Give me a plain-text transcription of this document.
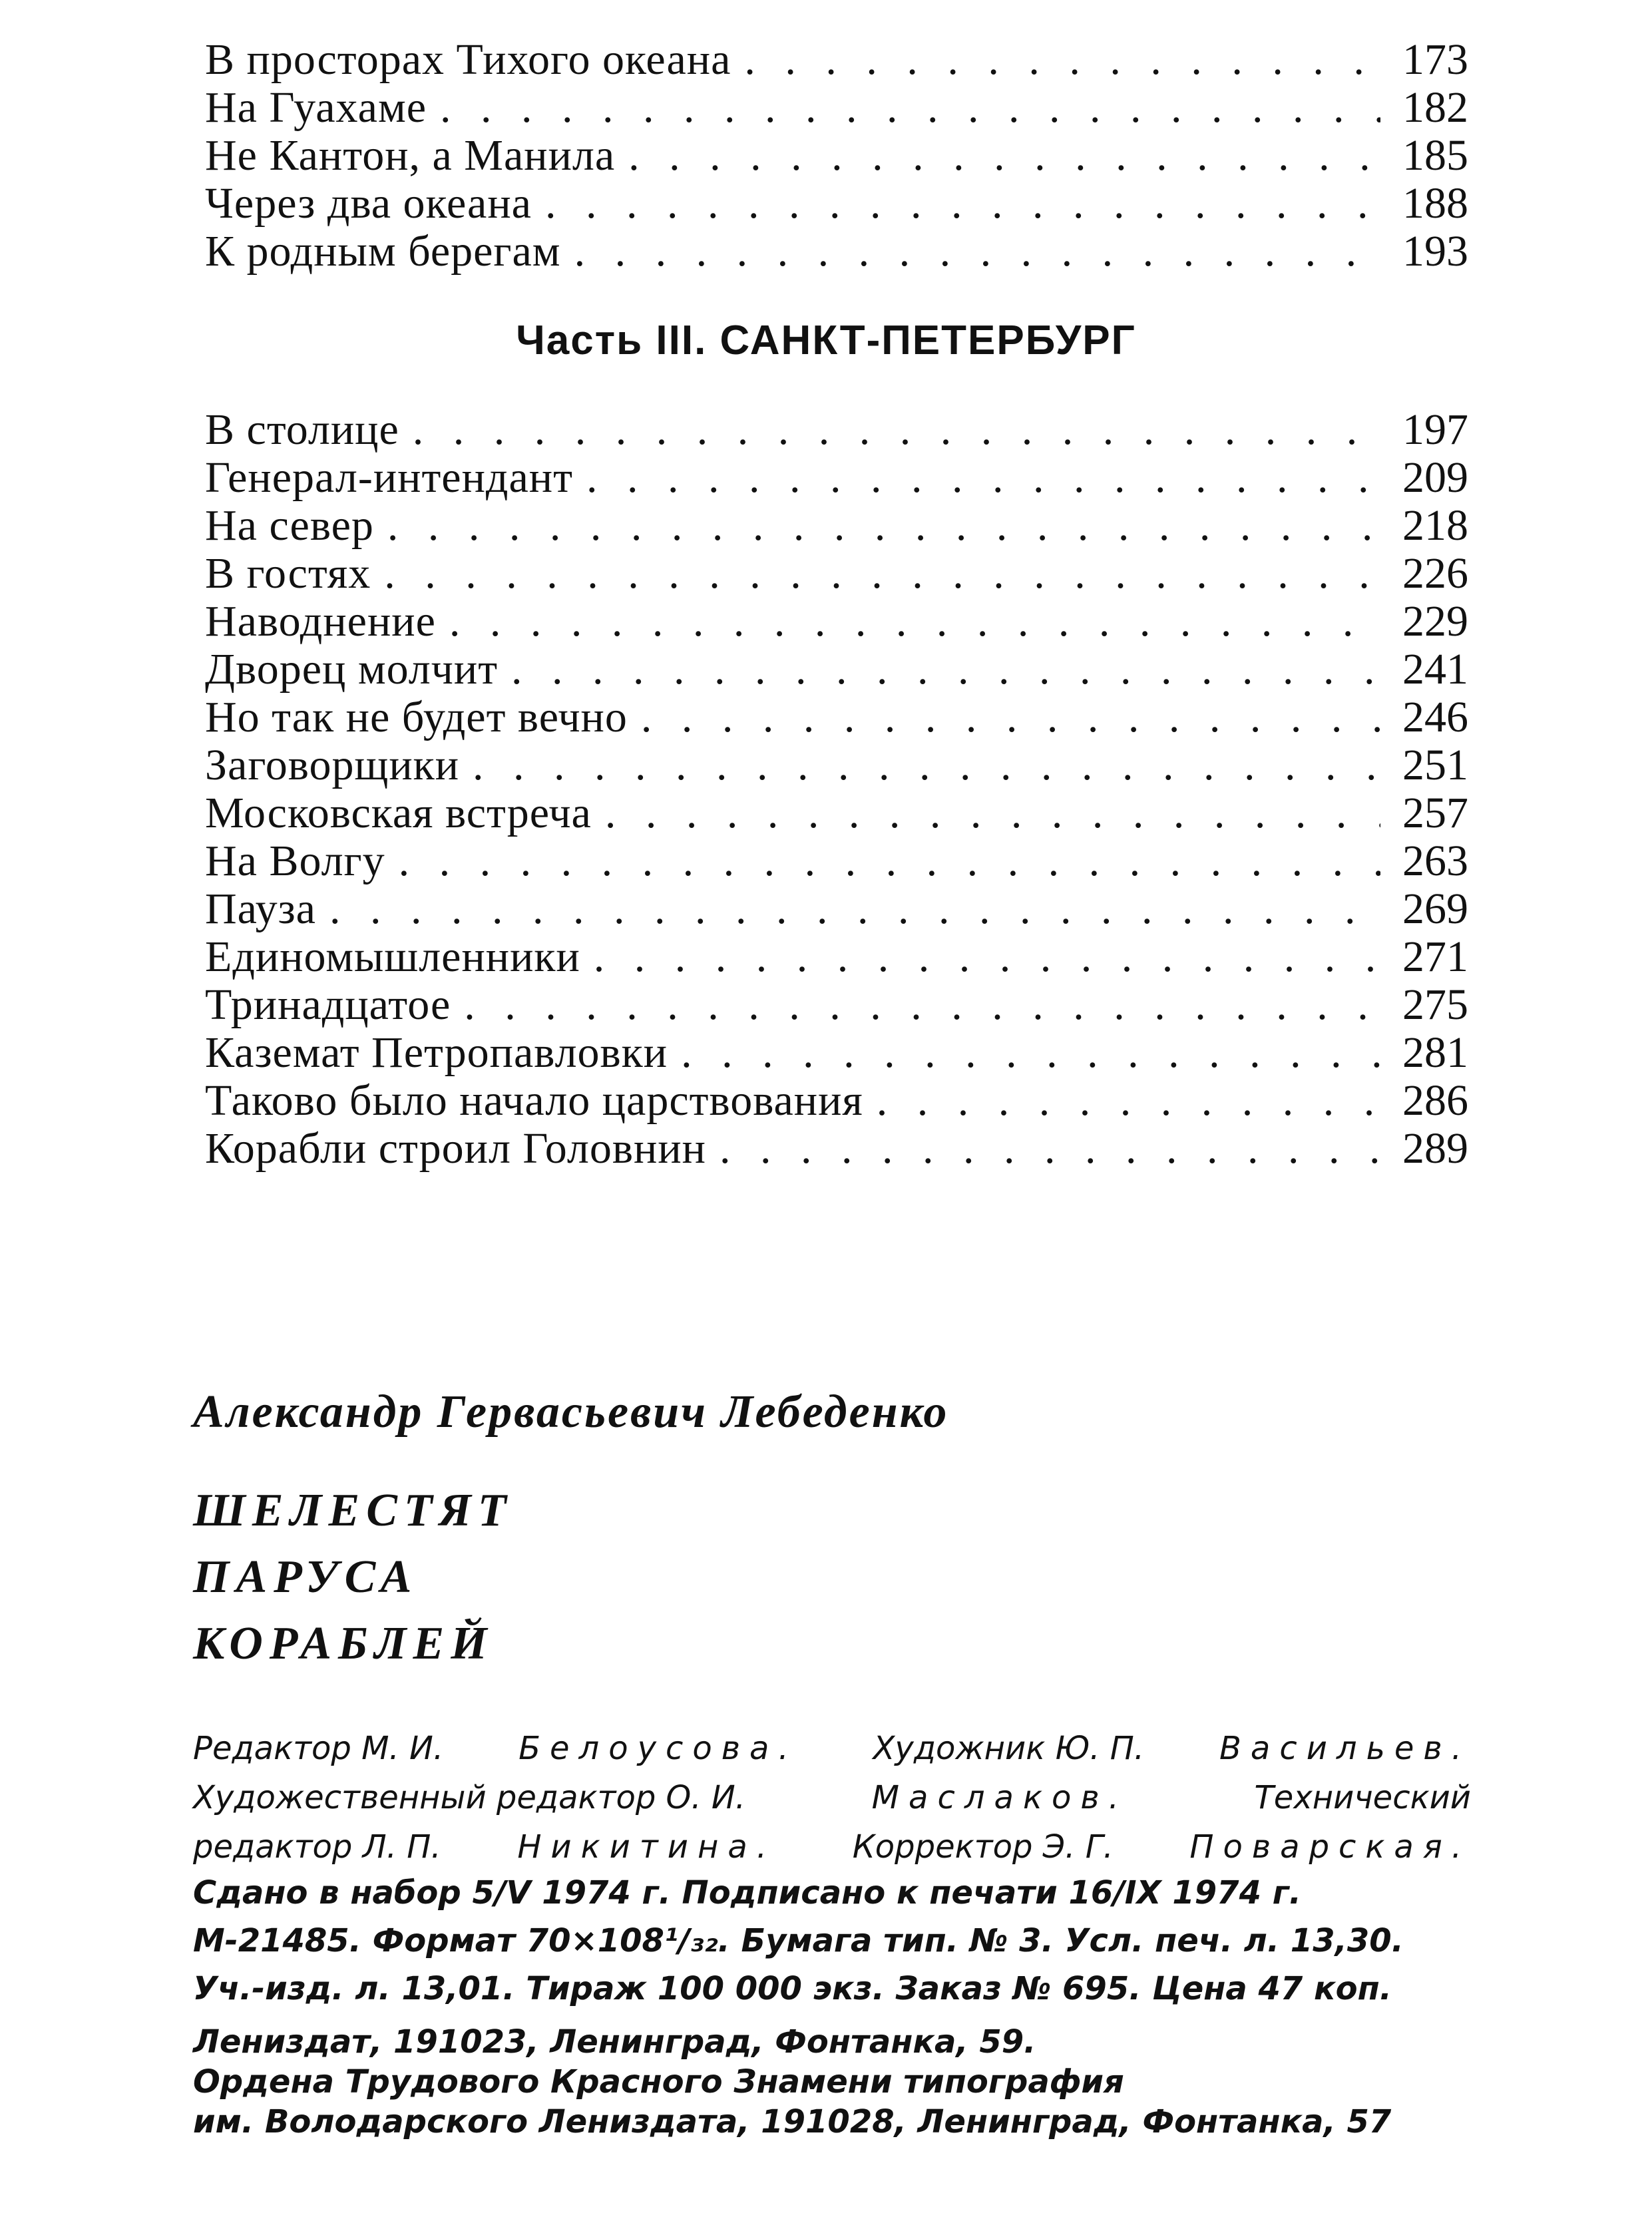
В просторах Тихого океана . . .	173
На Гуахаме . . .	182
Не Кантон, а Манила . . .	185
Через два океана . . .	188
К родным берегам . . .	193
Часть III. САНКТ-ПЕТЕРБУРГ
В столице . . .	197
Генерал-интендант . . .	209
На север . . .	218
В гостях . . .	226
Наводнение . . .	229
Дворец молчит . . .	241
Но так не будет вечно . . .	246
Заговорщики . . .	251
Московская встреча . . .	257
На Волгу . . .	263
Пауза . . .	269
Единомышленники . . .	271
Тринадцатое . . .	275
Каземат Петропавловки . . .	281
Таково было начало царствования . . .	286
Корабли строил Головнин . . .	289
Александр Гервасьевич Лебеденко
ШЕЛЕСТЯТ
ПАРУСА
КОРАБЛЕЙ
Редактор М. И. Белоусова. Художник Ю. П. Васильев.
Художественный редактор О. И.	Маслаков.	Технический
редактор Л. П. Никитина. Корректор Э. Г. Поварская.
Сдано в набор 5/V 1974 г. Подписано к печати 16/IX 1974 г.
М-21485. Формат 70×108¹/₃₂. Бумага тип. № 3. Усл. печ. л. 13,30.
Уч.-изд. л. 13,01. Тираж 100 000 экз. Заказ № 695. Цена 47 коп.
Лениздат, 191023, Ленинград, Фонтанка, 59.
Ордена Трудового Красного Знамени типография
им. Володарского Лениздата, 191028, Ленинград, Фонтанка, 57
